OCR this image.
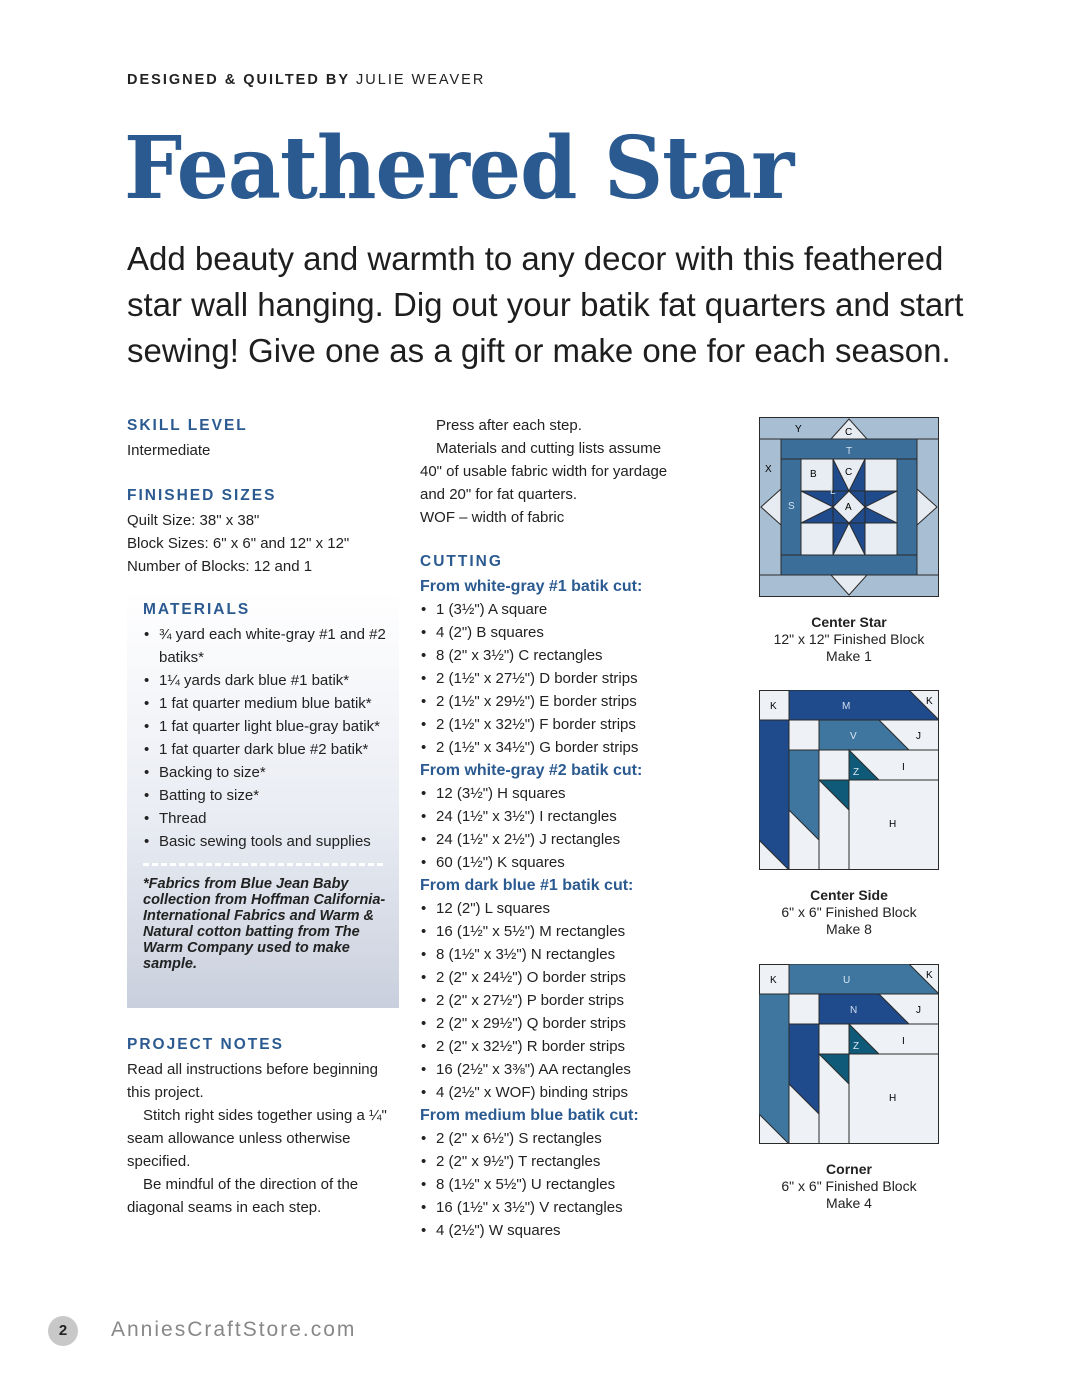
DESIGNED & QUILTED BY JULIE WEAVER
Feathered Star
Add beauty and warmth to any decor with this feathered star wall hanging. Dig out your batik fat quarters and start sewing! Give one as a gift or make one for each season.
SKILL LEVEL
Intermediate
FINISHED SIZES
Quilt Size: 38" x 38"
Block Sizes: 6" x 6" and 12" x 12"
Number of Blocks: 12 and 1
MATERIALS
• ¾ yard each white-gray #1 and #2 batiks*
• 1¼ yards dark blue #1 batik*
• 1 fat quarter medium blue batik*
• 1 fat quarter light blue-gray batik*
• 1 fat quarter dark blue #2 batik*
• Backing to size*
• Batting to size*
• Thread
• Basic sewing tools and supplies
*Fabrics from Blue Jean Baby collection from Hoffman California-International Fabrics and Warm & Natural cotton batting from The Warm Company used to make sample.
PROJECT NOTES

Read all instructions before beginning this project.

Stitch right sides together using a ¼" seam allowance unless otherwise specified.

Be mindful of the direction of the diagonal seams in each step.

Press after each step.

Materials and cutting lists assume 40" of usable fabric width for yardage and 20" for fat quarters.

WOF – width of fabric

CUTTING
From white-gray #1 batik cut:
• 1 (3½") A square
• 4 (2") B squares
• 8 (2" x 3½") C rectangles
• 2 (1½" x 27½") D border strips
• 2 (1½" x 29½") E border strips
• 2 (1½" x 32½") F border strips
• 2 (1½" x 34½") G border strips
From white-gray #2 batik cut:
• 12 (3½") H squares
• 24 (1½" x 3½") I rectangles
• 24 (1½" x 2½") J rectangles
• 60 (1½") K squares
From dark blue #1 batik cut:
• 12 (2") L squares
• 16 (1½" x 5½") M rectangles
• 8 (1½" x 3½") N rectangles
• 2 (2" x 24½") O border strips
• 2 (2" x 27½") P border strips
• 2 (2" x 29½") Q border strips
• 2 (2" x 32½") R border strips
• 16 (2½" x 3⅜") AA rectangles
• 4 (2½" x WOF) binding strips
From medium blue batik cut:
• 2 (2" x 6½") S rectangles
• 2 (2" x 9½") T rectangles
• 8 (1½" x 5½") U rectangles
• 16 (1½" x 3½") V rectangles
• 4 (2½") W squares
Y	C
T
X	B	C
L
S	A
Center Star
12" x 12" Finished Block
Make 1
K	M	K
V	J
Z	I
H
Center Side
6" x 6" Finished Block
Make 8
K	U	K
N	J
Z	I
H
Corner
6" x 6" Finished Block
Make 4
2	AnniesCraftStore.com
